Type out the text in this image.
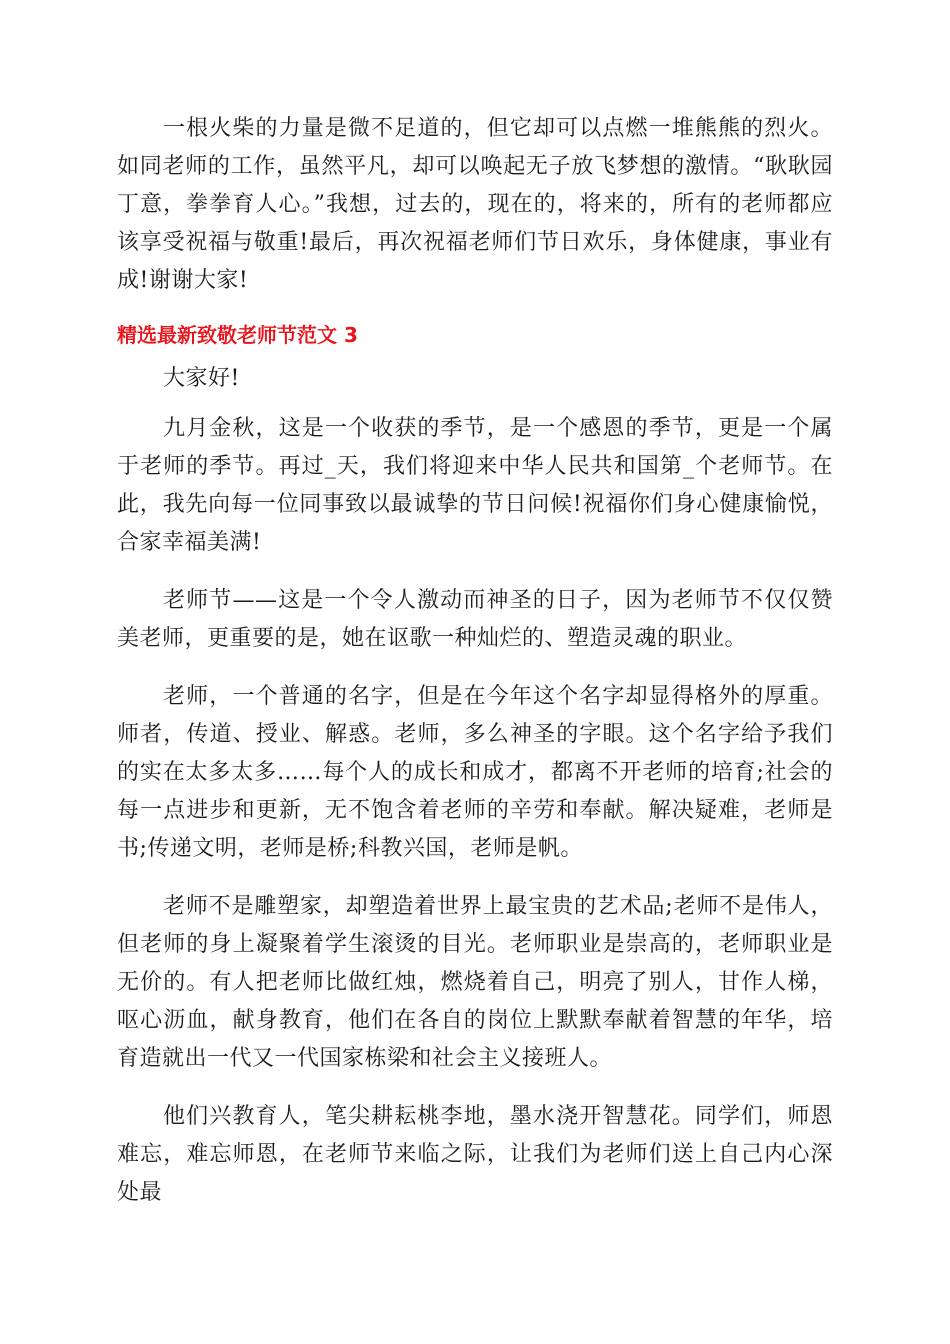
一根火柴的力量是微不足道的，但它却可以点燃一堆熊熊的烈火。如同老师的工作，虽然平凡，却可以唤起无子放飞梦想的激情。“耿耿园丁意，拳拳育人心。”我想，过去的，现在的，将来的，所有的老师都应该享受祝福与敬重!最后，再次祝福老师们节日欢乐，身体健康，事业有成!谢谢大家!

精选最新致敬老师节范文 3

大家好!

九月金秋，这是一个收获的季节，是一个感恩的季节，更是一个属于老师的季节。再过_天，我们将迎来中华人民共和国第_个老师节。在此，我先向每一位同事致以最诚挚的节日问候!祝福你们身心健康愉悦，合家幸福美满!

老师节——这是一个令人激动而神圣的日子，因为老师节不仅仅赞美老师，更重要的是，她在讴歌一种灿烂的、塑造灵魂的职业。

老师，一个普通的名字，但是在今年这个名字却显得格外的厚重。师者，传道、授业、解惑。老师，多么神圣的字眼。这个名字给予我们的实在太多太多……每个人的成长和成才，都离不开老师的培育;社会的每一点进步和更新，无不饱含着老师的辛劳和奉献。解决疑难，老师是书;传递文明，老师是桥;科教兴国，老师是帆。

老师不是雕塑家，却塑造着世界上最宝贵的艺术品;老师不是伟人，但老师的身上凝聚着学生滚烫的目光。老师职业是崇高的，老师职业是无价的。有人把老师比做红烛，燃烧着自己，明亮了别人，甘作人梯，呕心沥血，献身教育，他们在各自的岗位上默默奉献着智慧的年华，培育造就出一代又一代国家栋梁和社会主义接班人。

他们兴教育人，笔尖耕耘桃李地，墨水浇开智慧花。同学们，师恩难忘，难忘师恩，在老师节来临之际，让我们为老师们送上自己内心深处最
